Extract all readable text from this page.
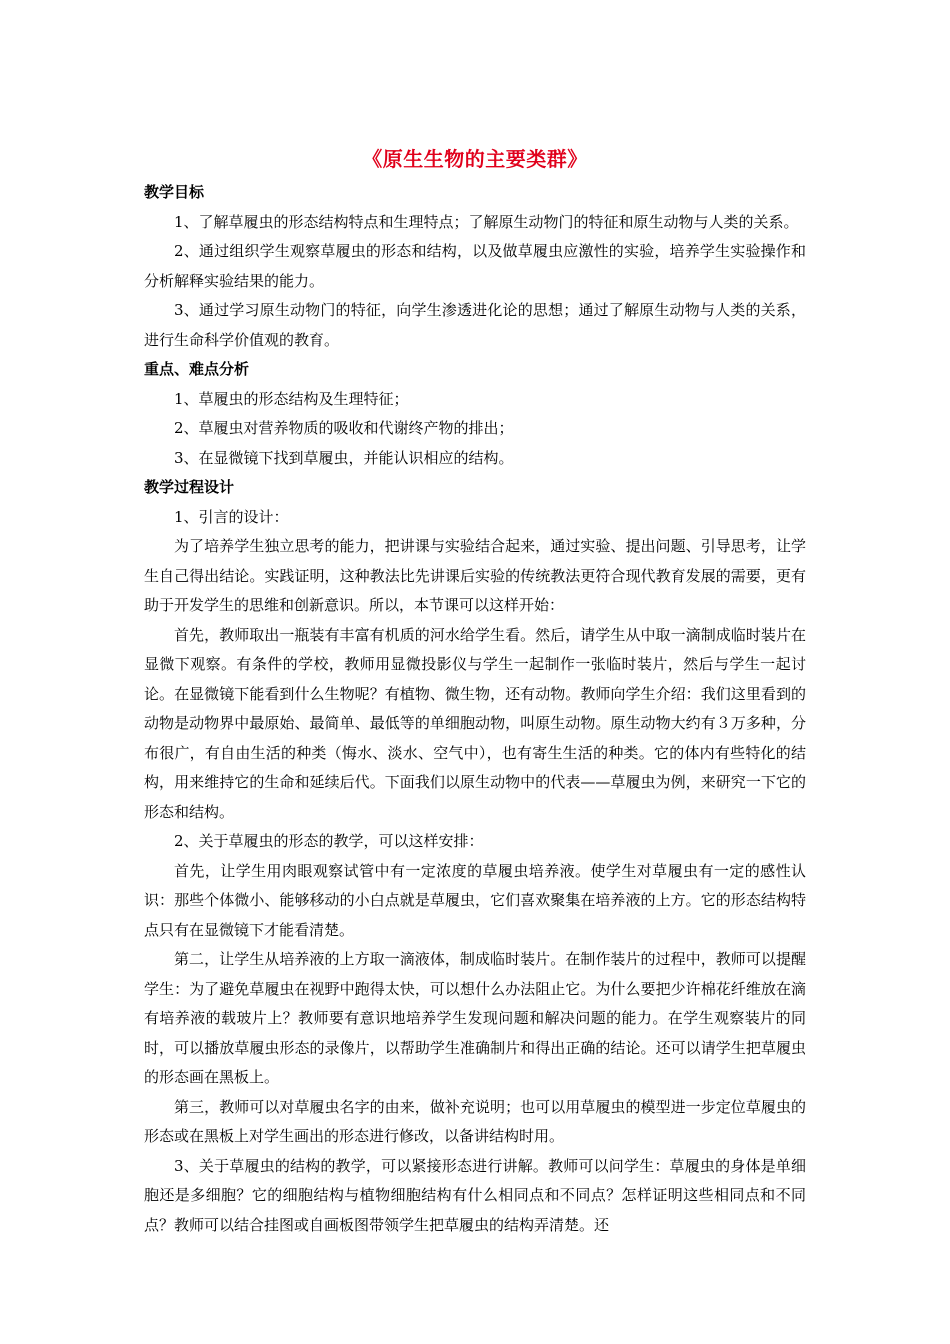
《原生生物的主要类群》

教学目标

1、了解草履虫的形态结构特点和生理特点；了解原生动物门的特征和原生动物与人类的关系。

2、通过组织学生观察草履虫的形态和结构，以及做草履虫应激性的实验，培养学生实验操作和分析解释实验结果的能力。

3、通过学习原生动物门的特征，向学生渗透进化论的思想；通过了解原生动物与人类的关系，进行生命科学价值观的教育。

重点、难点分析

1、草履虫的形态结构及生理特征；

2、草履虫对营养物质的吸收和代谢终产物的排出；

3、在显微镜下找到草履虫，并能认识相应的结构。

教学过程设计

1、引言的设计：

为了培养学生独立思考的能力，把讲课与实验结合起来，通过实验、提出问题、引导思考，让学生自己得出结论。实践证明，这种教法比先讲课后实验的传统教法更符合现代教育发展的需要，更有助于开发学生的思维和创新意识。所以，本节课可以这样开始：

首先，教师取出一瓶装有丰富有机质的河水给学生看。然后，请学生从中取一滴制成临时装片在显微下观察。有条件的学校，教师用显微投影仪与学生一起制作一张临时装片，然后与学生一起讨论。在显微镜下能看到什么生物呢？有植物、微生物，还有动物。教师向学生介绍：我们这里看到的动物是动物界中最原始、最简单、最低等的单细胞动物，叫原生动物。原生动物大约有３万多种，分布很广，有自由生活的种类（悔水、淡水、空气中），也有寄生生活的种类。它的体内有些特化的结构，用来维持它的生命和延续后代。下面我们以原生动物中的代表——草履虫为例，来研究一下它的形态和结构。

2、关于草履虫的形态的教学，可以这样安排：

首先，让学生用肉眼观察试管中有一定浓度的草履虫培养液。使学生对草履虫有一定的感性认识：那些个体微小、能够移动的小白点就是草履虫，它们喜欢聚集在培养液的上方。它的形态结构特点只有在显微镜下才能看清楚。

第二，让学生从培养液的上方取一滴液体，制成临时装片。在制作装片的过程中，教师可以提醒学生：为了避免草履虫在视野中跑得太快，可以想什么办法阻止它。为什么要把少许棉花纤维放在滴有培养液的载玻片上？教师要有意识地培养学生发现问题和解决问题的能力。在学生观察装片的同时，可以播放草履虫形态的录像片，以帮助学生准确制片和得出正确的结论。还可以请学生把草履虫的形态画在黑板上。

第三，教师可以对草履虫名字的由来，做补充说明；也可以用草履虫的模型进一步定位草履虫的形态或在黑板上对学生画出的形态进行修改，以备讲结构时用。

3、关于草履虫的结构的教学，可以紧接形态进行讲解。教师可以问学生：草履虫的身体是单细胞还是多细胞？它的细胞结构与植物细胞结构有什么相同点和不同点？怎样证明这些相同点和不同点？教师可以结合挂图或自画板图带领学生把草履虫的结构弄清楚。还
